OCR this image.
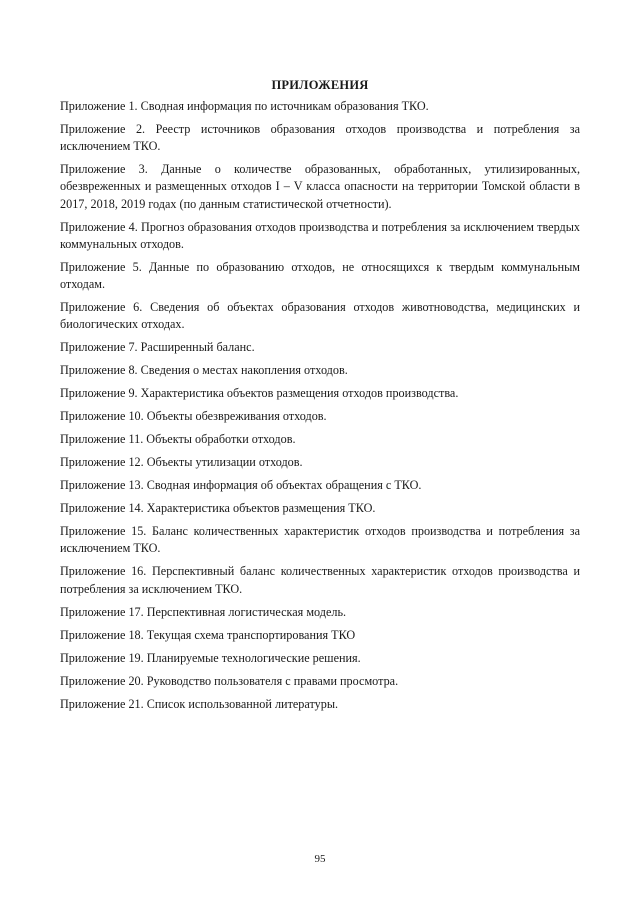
ПРИЛОЖЕНИЯ

Приложение 1. Сводная информация по источникам образования ТКО.

Приложение 2. Реестр источников образования отходов производства и потребления за исключением ТКО.

Приложение 3. Данные о количестве образованных, обработанных, утилизированных, обезвреженных и размещенных отходов I – V класса опасности на территории Томской области в 2017, 2018, 2019 годах (по данным статистической отчетности).

Приложение 4. Прогноз образования отходов производства и потребления за исключением твердых коммунальных отходов.

Приложение 5. Данные по образованию отходов, не относящихся к твердым коммунальным отходам.

Приложение 6. Сведения об объектах образования отходов животноводства, медицинских и биологических отходах.

Приложение 7. Расширенный баланс.

Приложение 8. Сведения о местах накопления отходов.

Приложение 9. Характеристика объектов размещения отходов производства.

Приложение 10. Объекты обезвреживания отходов.

Приложение 11. Объекты обработки отходов.

Приложение 12. Объекты утилизации отходов.

Приложение 13. Сводная информация об объектах обращения с ТКО.

Приложение 14. Характеристика объектов размещения ТКО.

Приложение 15. Баланс количественных характеристик отходов производства и потребления за исключением ТКО.

Приложение 16. Перспективный баланс количественных характеристик отходов производства и потребления за исключением ТКО.

Приложение 17. Перспективная логистическая модель.

Приложение 18. Текущая схема транспортирования ТКО

Приложение 19. Планируемые технологические решения.

Приложение 20. Руководство пользователя с правами просмотра.

Приложение 21. Список использованной литературы.

95
